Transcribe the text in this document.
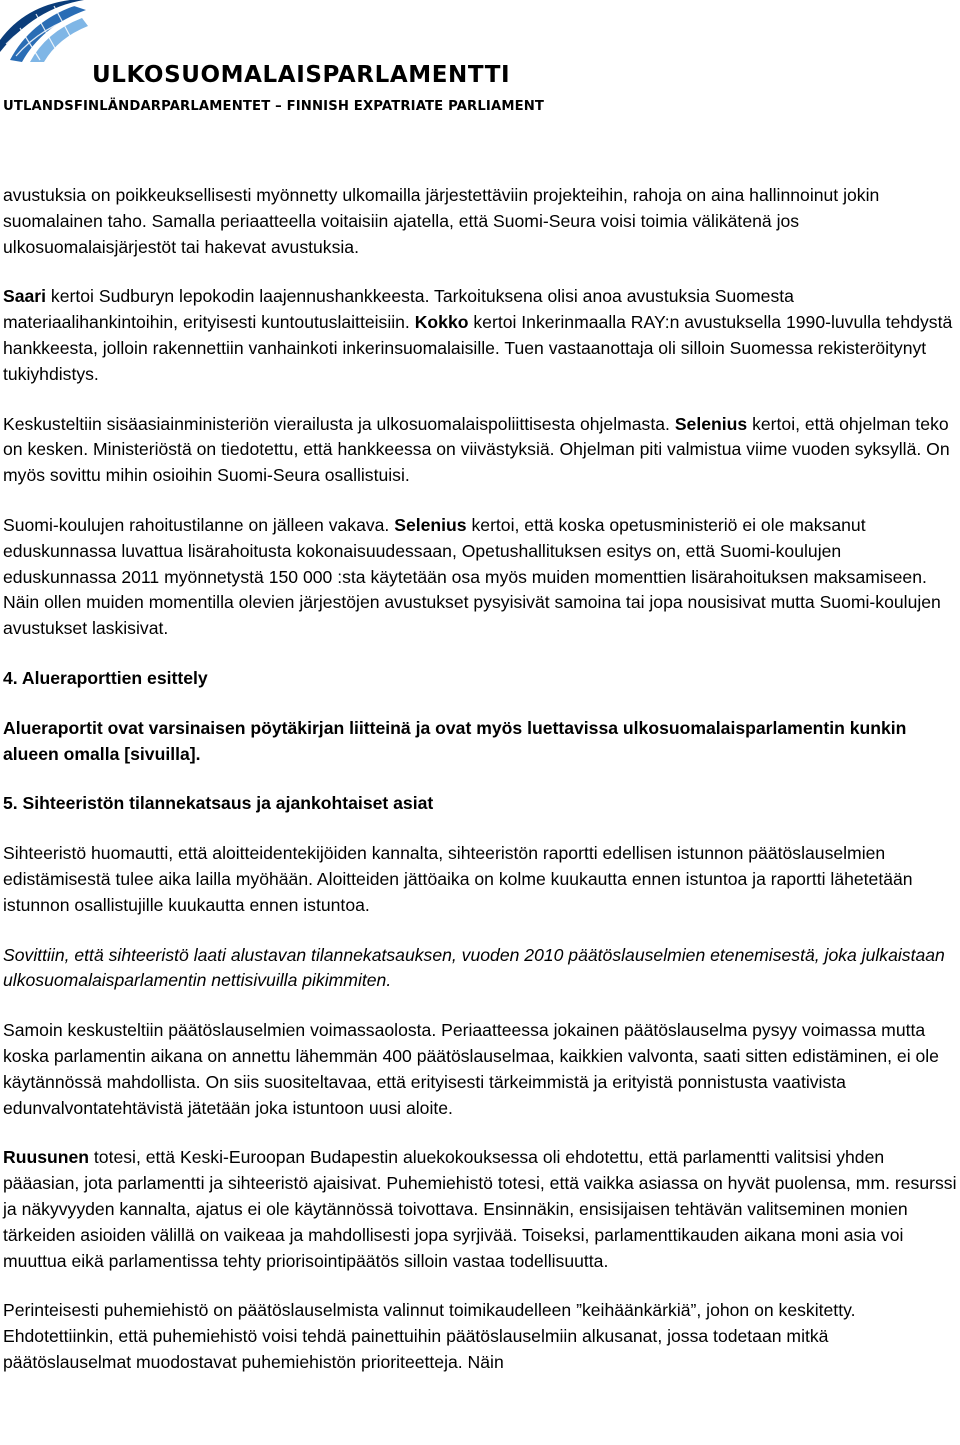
ULKOSUOMALAISPARLAMENTTI
UTLANDSFINLÄNDARPARLAMENTET – FINNISH EXPATRIATE PARLIAMENT

avustuksia on poikkeuksellisesti myönnetty ulkomailla järjestettäviin projekteihin, rahoja on aina hallinnoinut jokin suomalainen taho. Samalla periaatteella voitaisiin ajatella, että Suomi-Seura voisi toimia välikätenä jos ulkosuomalaisjärjestöt tai hakevat avustuksia.

Saari kertoi Sudburyn lepokodin laajennushankkeesta. Tarkoituksena olisi anoa avustuksia Suomesta materiaalihankintoihin, erityisesti kuntoutuslaitteisiin. Kokko kertoi Inkerinmaalla RAY:n avustuksella 1990-luvulla tehdystä hankkeesta, jolloin rakennettiin vanhainkoti inkerinsuomalaisille. Tuen vastaanottaja oli silloin Suomessa rekisteröitynyt tukiyhdistys.

Keskusteltiin sisäasiainministeriön vierailusta ja ulkosuomalaispoliittisesta ohjelmasta. Selenius kertoi, että ohjelman teko on kesken. Ministeriöstä on tiedotettu, että hankkeessa on viivästyksiä. Ohjelman piti valmistua viime vuoden syksyllä. On myös sovittu mihin osioihin Suomi-Seura osallistuisi.

Suomi-koulujen rahoitustilanne on jälleen vakava. Selenius kertoi, että koska opetusministeriö ei ole maksanut eduskunnassa luvattua lisärahoitusta kokonaisuudessaan, Opetushallituksen esitys on, että Suomi-koulujen eduskunnassa 2011 myönnetystä 150 000 :sta käytetään osa myös muiden momenttien lisärahoituksen maksamiseen. Näin ollen muiden momentilla olevien järjestöjen avustukset pysyisivät samoina tai jopa nousisivat mutta Suomi-koulujen avustukset laskisivat.

4. Alueraporttien esittely

Alueraportit ovat varsinaisen pöytäkirjan liitteinä ja ovat myös luettavissa ulkosuomalaisparlamentin kunkin alueen omalla [sivuilla].

5. Sihteeristön tilannekatsaus ja ajankohtaiset asiat

Sihteeristö huomautti, että aloitteidentekijöiden kannalta, sihteeristön raportti edellisen istunnon päätöslauselmien edistämisestä tulee aika lailla myöhään. Aloitteiden jättöaika on kolme kuukautta ennen istuntoa ja raportti lähetetään istunnon osallistujille kuukautta ennen istuntoa.

Sovittiin, että sihteeristö laati alustavan tilannekatsauksen, vuoden 2010 päätöslauselmien etenemisestä, joka julkaistaan ulkosuomalaisparlamentin nettisivuilla pikimmiten.

Samoin keskusteltiin päätöslauselmien voimassaolosta. Periaatteessa jokainen päätöslauselma pysyy voimassa mutta koska parlamentin aikana on annettu lähemmän 400 päätöslauselmaa, kaikkien valvonta, saati sitten edistäminen, ei ole käytännössä mahdollista. On siis suositeltavaa, että erityisesti tärkeimmistä ja erityistä ponnistusta vaativista edunvalvontatehtävistä jätetään joka istuntoon uusi aloite.

Ruusunen totesi, että Keski-Euroopan Budapestin aluekokouksessa oli ehdotettu, että parlamentti valitsisi yhden pääasian, jota parlamentti ja sihteeristö ajaisivat. Puhemiehistö totesi, että vaikka asiassa on hyvät puolensa, mm. resurssi ja näkyvyyden kannalta, ajatus ei ole käytännössä toivottava. Ensinnäkin, ensisijaisen tehtävän valitseminen monien tärkeiden asioiden välillä on vaikeaa ja mahdollisesti jopa syrjivää. Toiseksi, parlamenttikauden aikana moni asia voi muuttua eikä parlamentissa tehty priorisointipäätös silloin vastaa todellisuutta.

Perinteisesti puhemiehistö on päätöslauselmista valinnut toimikaudelleen ”keihäänkärkiä”, johon on keskitetty. Ehdotettiinkin, että puhemiehistö voisi tehdä painettuihin päätöslauselmiin alkusanat, jossa todetaan mitkä päätöslauselmat muodostavat puhemiehistön prioriteetteja. Näin
